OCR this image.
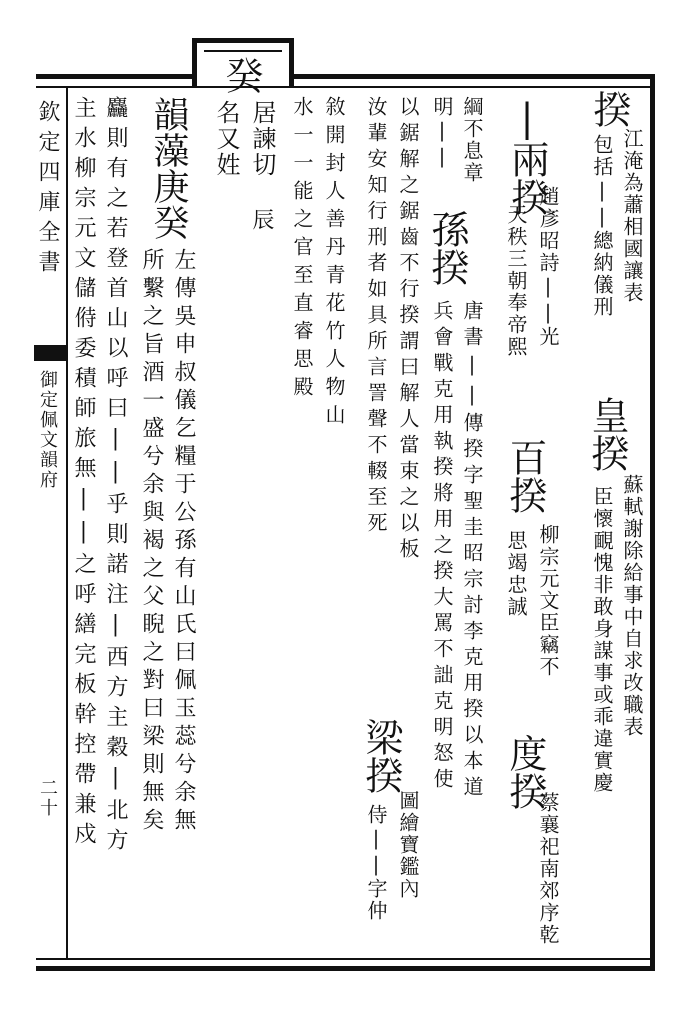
欽定四庫全書
御定佩文韻府
二十
癸
揆
江淹為蕭相國讓表
包括||總納儀刑
皇揆
蘇軾謝除給事中自求改職表
臣懷靦愧非敢身謀事或乖違實慶
|兩揆
趙彥昭詩||光
天秩三朝奉帝熙
百揆
柳宗元文臣竊不
思竭忠誠
度揆
蔡襄祀南郊序乾
綱不息章
明||
孫揆
唐書||傳揆字聖圭昭宗討李克用揆以本道
兵會戰克用執揆將用之揆大罵不詘克明怒使
以鋸解之鋸齒不行揆謂曰解人當束之以板
汝輩安知行刑者如具所言詈聲不輟至死
梁揆
圖繪寶鑑內
侍||字仲
敘開封人善丹青花竹人物山
水一一能之官至直睿思殿
居諫切
辰
名又姓
韻藻庚癸
左傳吳申叔儀乞糧于公孫有山氏曰佩玉蕊兮余無
所繫之旨酒一盛兮余與褐之父睨之對曰梁則無矣
麤則有之若登首山以呼曰||乎則諾注|西方主穀|北方
主水柳宗元文儲偫委積師旅無||之呼繕完板幹控帶兼戍
